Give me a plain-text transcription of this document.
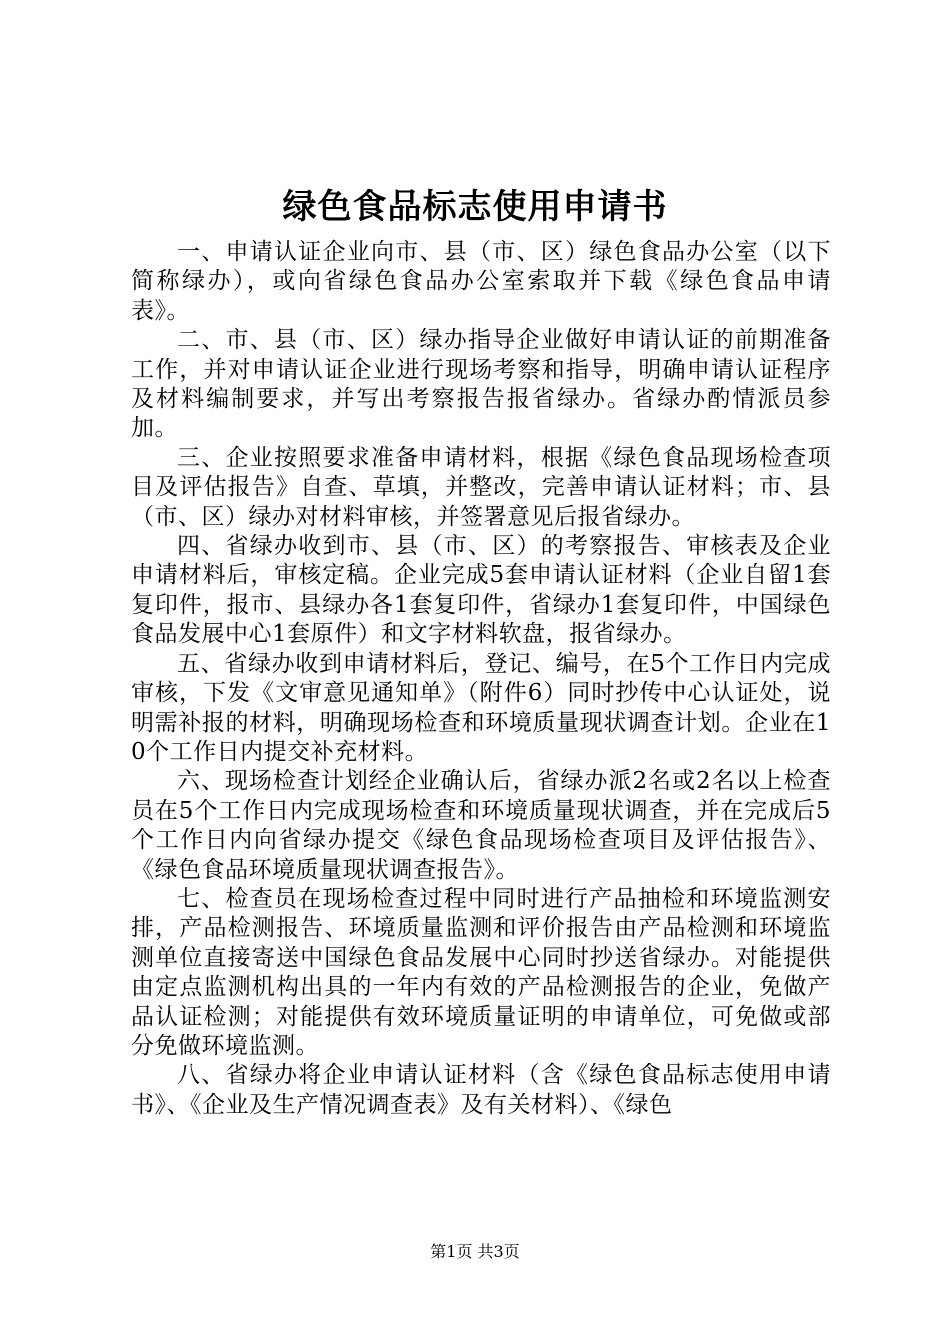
绿色食品标志使用申请书

一、申请认证企业向市、县（市、区）绿色食品办公室（以下简称绿办），或向省绿色食品办公室索取并下载《绿色食品申请表》。

二、市、县（市、区）绿办指导企业做好申请认证的前期准备工作，并对申请认证企业进行现场考察和指导，明确申请认证程序及材料编制要求，并写出考察报告报省绿办。省绿办酌情派员参加。

三、企业按照要求准备申请材料，根据《绿色食品现场检查项目及评估报告》自查、草填，并整改，完善申请认证材料；市、县（市、区）绿办对材料审核，并签署意见后报省绿办。

四、省绿办收到市、县（市、区）的考察报告、审核表及企业申请材料后，审核定稿。企业完成5套申请认证材料（企业自留1套复印件，报市、县绿办各1套复印件，省绿办1套复印件，中国绿色食品发展中心1套原件）和文字材料软盘，报省绿办。

五、省绿办收到申请材料后，登记、编号，在5个工作日内完成审核，下发《文审意见通知单》（附件6）同时抄传中心认证处，说明需补报的材料，明确现场检查和环境质量现状调查计划。企业在10个工作日内提交补充材料。

六、现场检查计划经企业确认后，省绿办派2名或2名以上检查员在5个工作日内完成现场检查和环境质量现状调查，并在完成后5个工作日内向省绿办提交《绿色食品现场检查项目及评估报告》、《绿色食品环境质量现状调查报告》。

七、检查员在现场检查过程中同时进行产品抽检和环境监测安排，产品检测报告、环境质量监测和评价报告由产品检测和环境监测单位直接寄送中国绿色食品发展中心同时抄送省绿办。对能提供由定点监测机构出具的一年内有效的产品检测报告的企业，免做产品认证检测；对能提供有效环境质量证明的申请单位，可免做或部分免做环境监测。

八、省绿办将企业申请认证材料（含《绿色食品标志使用申请书》、《企业及生产情况调查表》及有关材料）、《绿色

第1页 共3页
